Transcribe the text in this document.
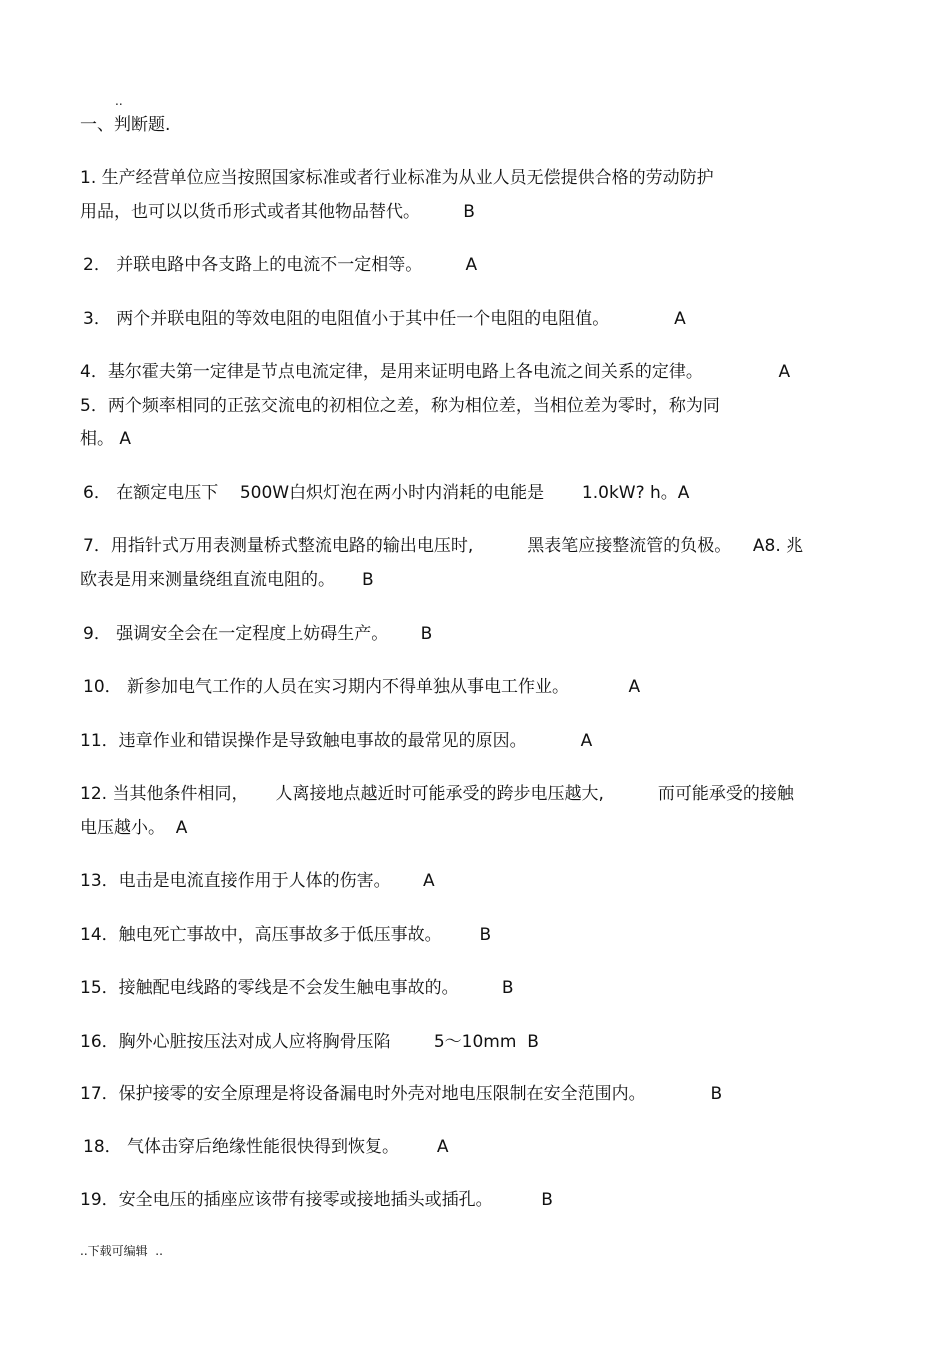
..
一、判断题.
1. 生产经营单位应当按照国家标准或者行业标准为从业人员无偿提供合格的劳动防护
用品，也可以以货币形式或者其他物品替代。        B
2． 并联电路中各支路上的电流不一定相等。        A
3． 两个并联电阻的等效电阻的电阻值小于其中任一个电阻的电阻值。            A
4．基尔霍夫第一定律是节点电流定律，是用来证明电路上各电流之间关系的定律。              A
5．两个频率相同的正弦交流电的初相位之差，称为相位差，当相位差为零时，称为同
相。 A
6． 在额定电压下    500W白炽灯泡在两小时内消耗的电能是       1.0kW? h。A
7．用指针式万用表测量桥式整流电路的输出电压时,          黑表笔应接整流管的负极。    A8. 兆
欧表是用来测量绕组直流电阻的。     B
9． 强调安全会在一定程度上妨碍生产。      B
10． 新参加电气工作的人员在实习期内不得单独从事电工作业。           A
11．违章作业和错误操作是导致触电事故的最常见的原因。          A
12. 当其他条件相同，     人离接地点越近时可能承受的跨步电压越大,          而可能承受的接触
电压越小。  A
13．电击是电流直接作用于人体的伤害。      A
14．触电死亡事故中，高压事故多于低压事故。       B
15．接触配电线路的零线是不会发生触电事故的。        B
16．胸外心脏按压法对成人应将胸骨压陷        5～10mm  B
17．保护接零的安全原理是将设备漏电时外壳对地电压限制在安全范围内。            B
18． 气体击穿后绝缘性能很快得到恢复。       A
19．安全电压的插座应该带有接零或接地插头或插孔。         B
..下载可编辑  ..
